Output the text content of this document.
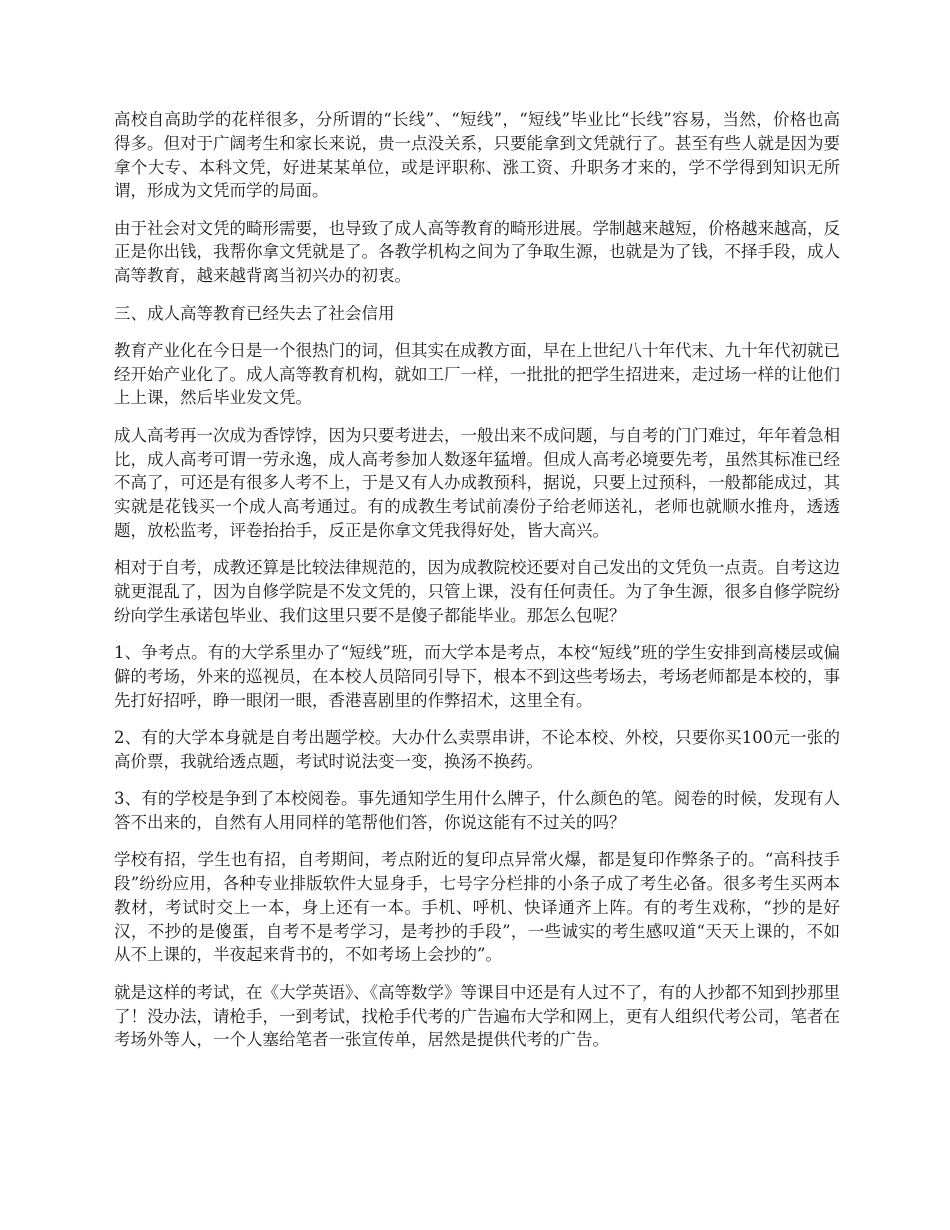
高校自高助学的花样很多，分所谓的“长线”、“短线”，“短线”毕业比“长线”容易，当然，价格也高得多。但对于广阔考生和家长来说，贵一点没关系，只要能拿到文凭就行了。甚至有些人就是因为要拿个大专、本科文凭，好进某某单位，或是评职称、涨工资、升职务才来的，学不学得到知识无所谓，形成为文凭而学的局面。

由于社会对文凭的畸形需要，也导致了成人高等教育的畸形进展。学制越来越短，价格越来越高，反正是你出钱，我帮你拿文凭就是了。各教学机构之间为了争取生源，也就是为了钱，不择手段，成人高等教育，越来越背离当初兴办的初衷。

三、成人高等教育已经失去了社会信用

教育产业化在今日是一个很热门的词，但其实在成教方面，早在上世纪八十年代末、九十年代初就已经开始产业化了。成人高等教育机构，就如工厂一样，一批批的把学生招进来，走过场一样的让他们上上课，然后毕业发文凭。

成人高考再一次成为香饽饽，因为只要考进去，一般出来不成问题，与自考的门门难过，年年着急相比，成人高考可谓一劳永逸，成人高考参加人数逐年猛增。但成人高考必境要先考，虽然其标准已经不高了，可还是有很多人考不上，于是又有人办成教预科，据说，只要上过预科，一般都能成过，其实就是花钱买一个成人高考通过。有的成教生考试前凑份子给老师送礼，老师也就顺水推舟，透透题，放松监考，评卷抬抬手，反正是你拿文凭我得好处，皆大高兴。

相对于自考，成教还算是比较法律规范的，因为成教院校还要对自己发出的文凭负一点责。自考这边就更混乱了，因为自修学院是不发文凭的，只管上课，没有任何责任。为了争生源，很多自修学院纷纷向学生承诺包毕业、我们这里只要不是傻子都能毕业。那怎么包呢？

1、争考点。有的大学系里办了“短线”班，而大学本是考点，本校“短线”班的学生安排到高楼层或偏僻的考场，外来的巡视员，在本校人员陪同引导下，根本不到这些考场去，考场老师都是本校的，事先打好招呼，睁一眼闭一眼，香港喜剧里的作弊招术，这里全有。

2、有的大学本身就是自考出题学校。大办什么卖票串讲，不论本校、外校，只要你买100元一张的高价票，我就给透点题，考试时说法变一变，换汤不换药。

3、有的学校是争到了本校阅卷。事先通知学生用什么牌子，什么颜色的笔。阅卷的时候，发现有人答不出来的，自然有人用同样的笔帮他们答，你说这能有不过关的吗？

学校有招，学生也有招，自考期间，考点附近的复印点异常火爆，都是复印作弊条子的。“高科技手段”纷纷应用，各种专业排版软件大显身手，七号字分栏排的小条子成了考生必备。很多考生买两本教材，考试时交上一本，身上还有一本。手机、呼机、快译通齐上阵。有的考生戏称，“抄的是好汉，不抄的是傻蛋，自考不是考学习，是考抄的手段”，一些诚实的考生感叹道“天天上课的，不如从不上课的，半夜起来背书的，不如考场上会抄的”。

就是这样的考试，在《大学英语》、《高等数学》等课目中还是有人过不了，有的人抄都不知到抄那里了！没办法，请枪手，一到考试，找枪手代考的广告遍布大学和网上，更有人组织代考公司，笔者在考场外等人，一个人塞给笔者一张宣传单，居然是提供代考的广告。
